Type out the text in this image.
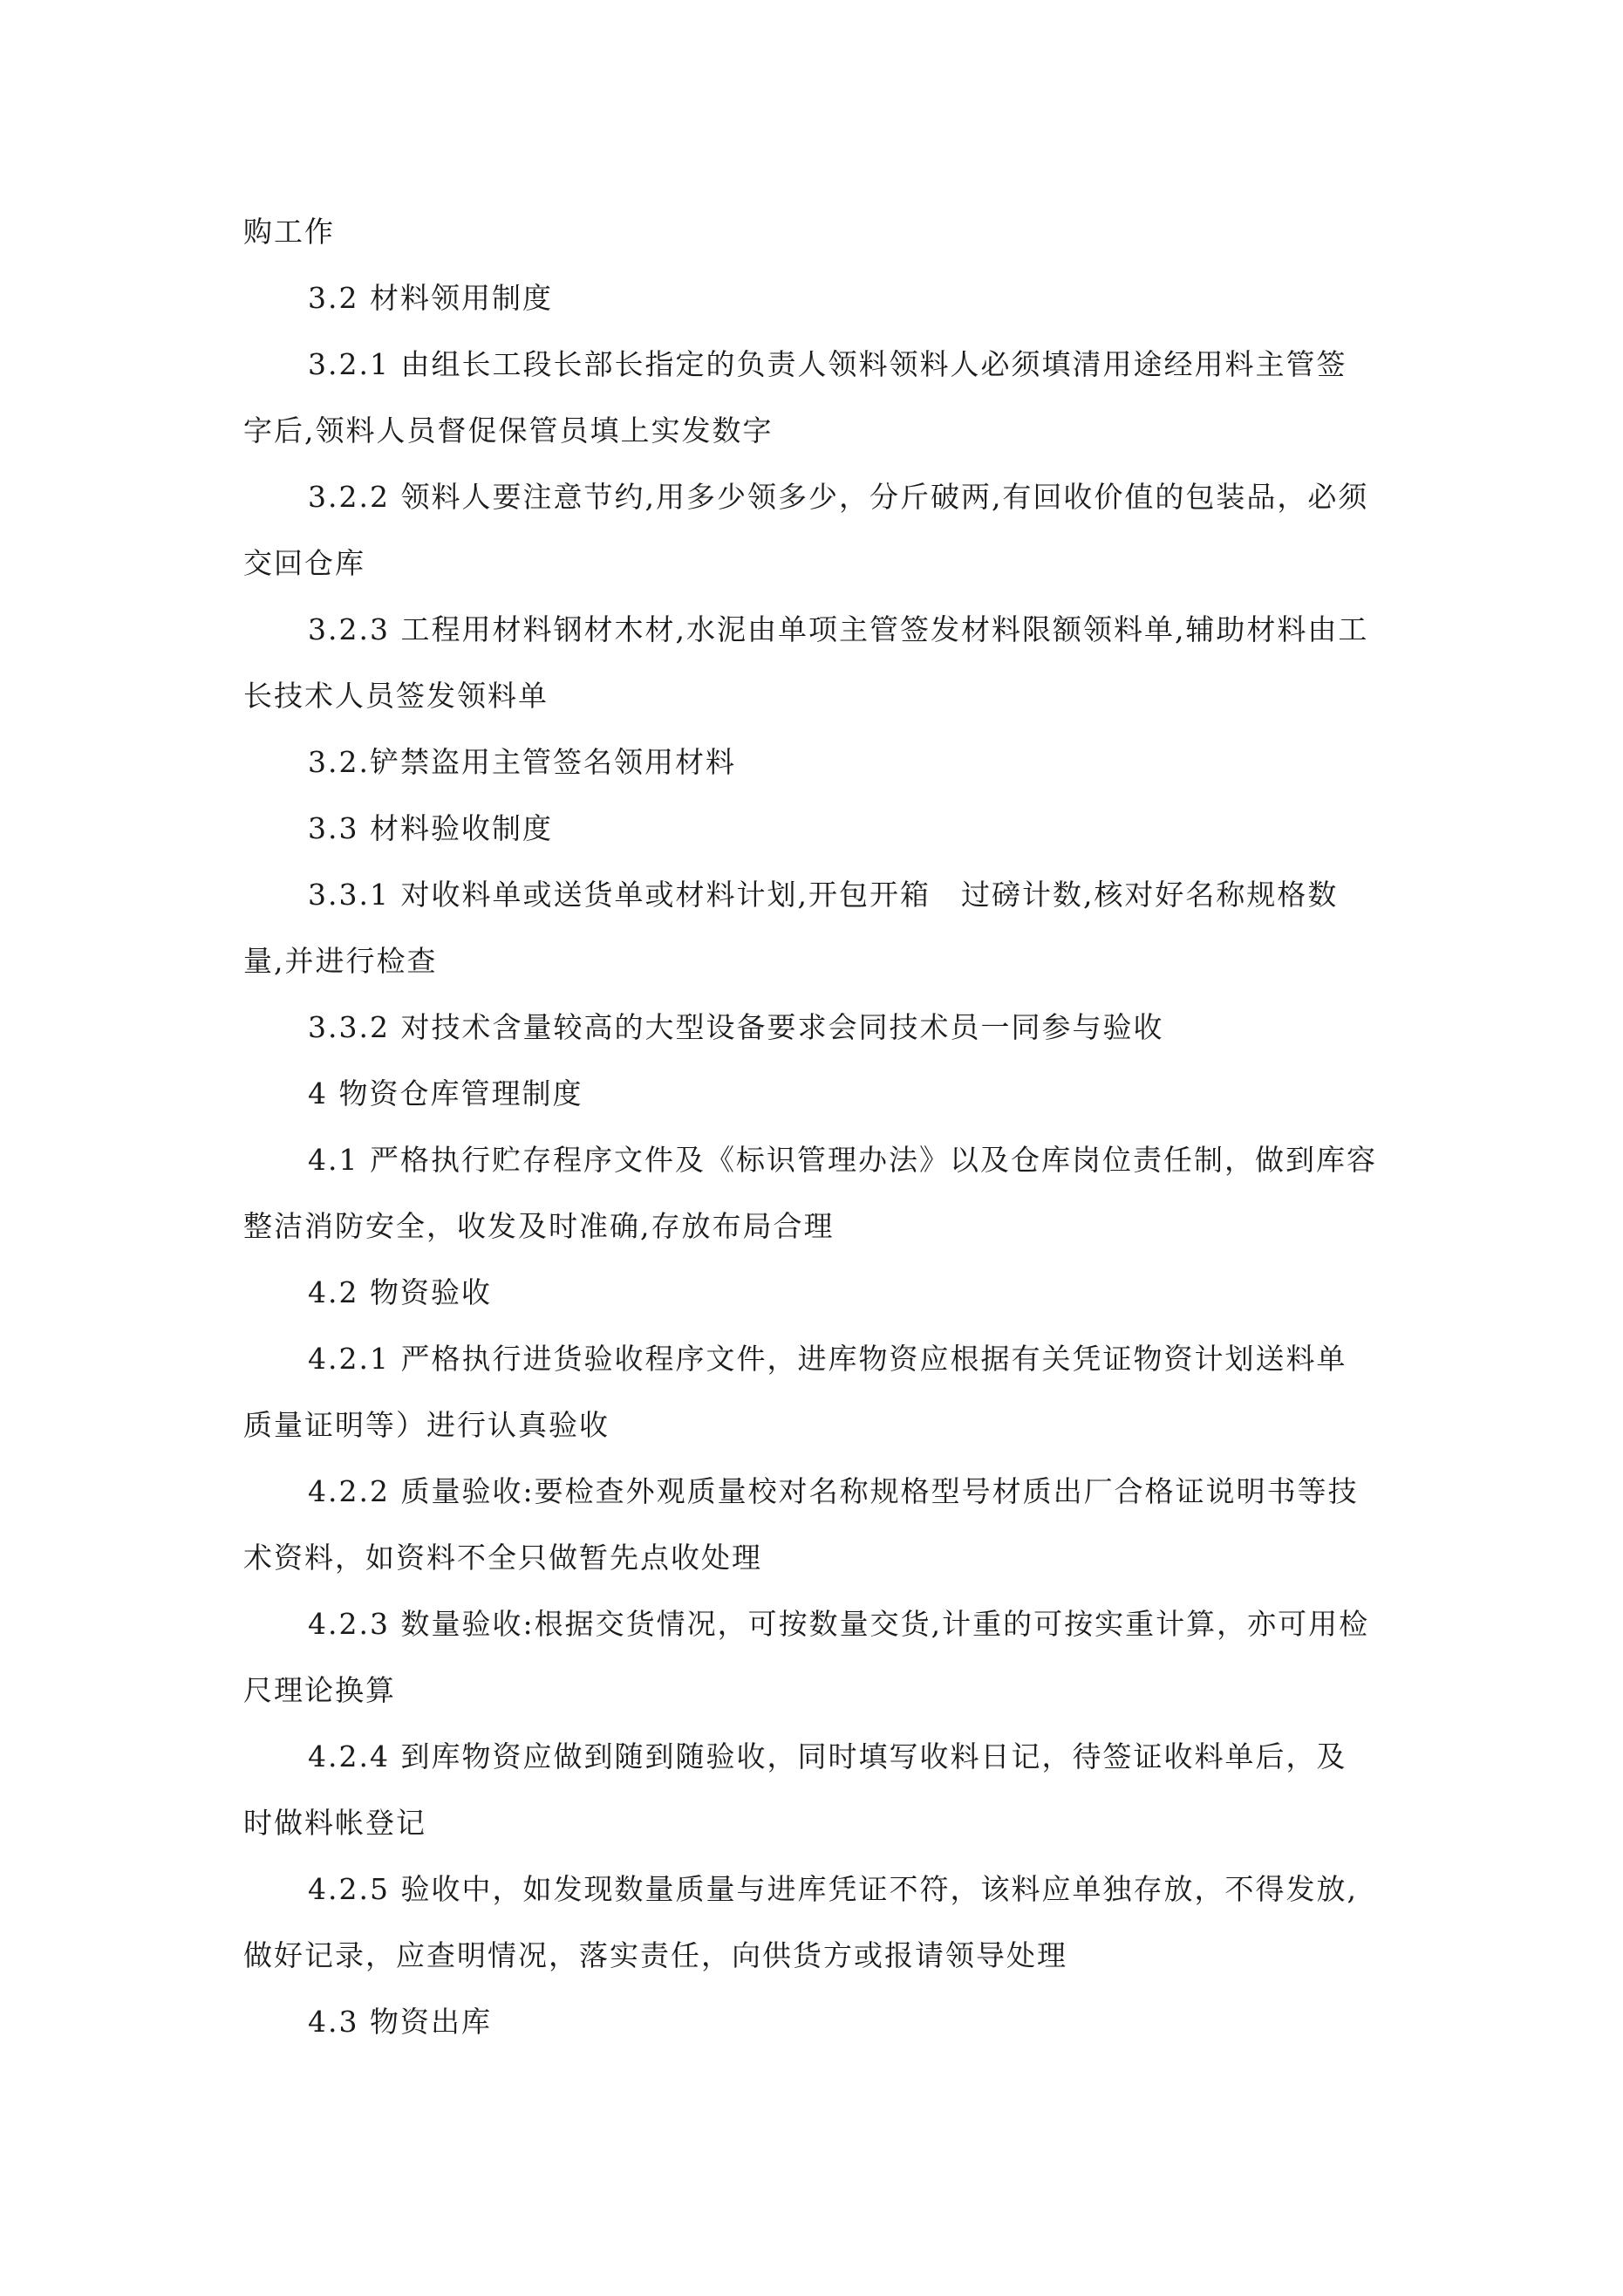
购工作

3.2 材料领用制度

3.2.1 由组长工段长部长指定的负责人领料领料人必须填清用途经用料主管签字后,领料人员督促保管员填上实发数字

3.2.2 领料人要注意节约,用多少领多少，分斤破两,有回收价值的包装品，必须交回仓库

3.2.3 工程用材料钢材木材,水泥由单项主管签发材料限额领料单,辅助材料由工长技术人员签发领料单

3.2.铲禁盗用主管签名领用材料

3.3 材料验收制度

3.3.1 对收料单或送货单或材料计划,开包开箱　过磅计数,核对好名称规格数量,并进行检查

3.3.2 对技术含量较高的大型设备要求会同技术员一同参与验收

4 物资仓库管理制度

4.1 严格执行贮存程序文件及《标识管理办法》以及仓库岗位责任制，做到库容整洁消防安全，收发及时准确,存放布局合理

4.2 物资验收

4.2.1 严格执行进货验收程序文件，进库物资应根据有关凭证物资计划送料单质量证明等）进行认真验收

4.2.2 质量验收:要检查外观质量校对名称规格型号材质出厂合格证说明书等技术资料，如资料不全只做暂先点收处理

4.2.3 数量验收:根据交货情况，可按数量交货,计重的可按实重计算，亦可用检尺理论换算

4.2.4 到库物资应做到随到随验收，同时填写收料日记，待签证收料单后，及时做料帐登记

4.2.5 验收中，如发现数量质量与进库凭证不符，该料应单独存放，不得发放,做好记录，应查明情况，落实责任，向供货方或报请领导处理

4.3 物资出库
